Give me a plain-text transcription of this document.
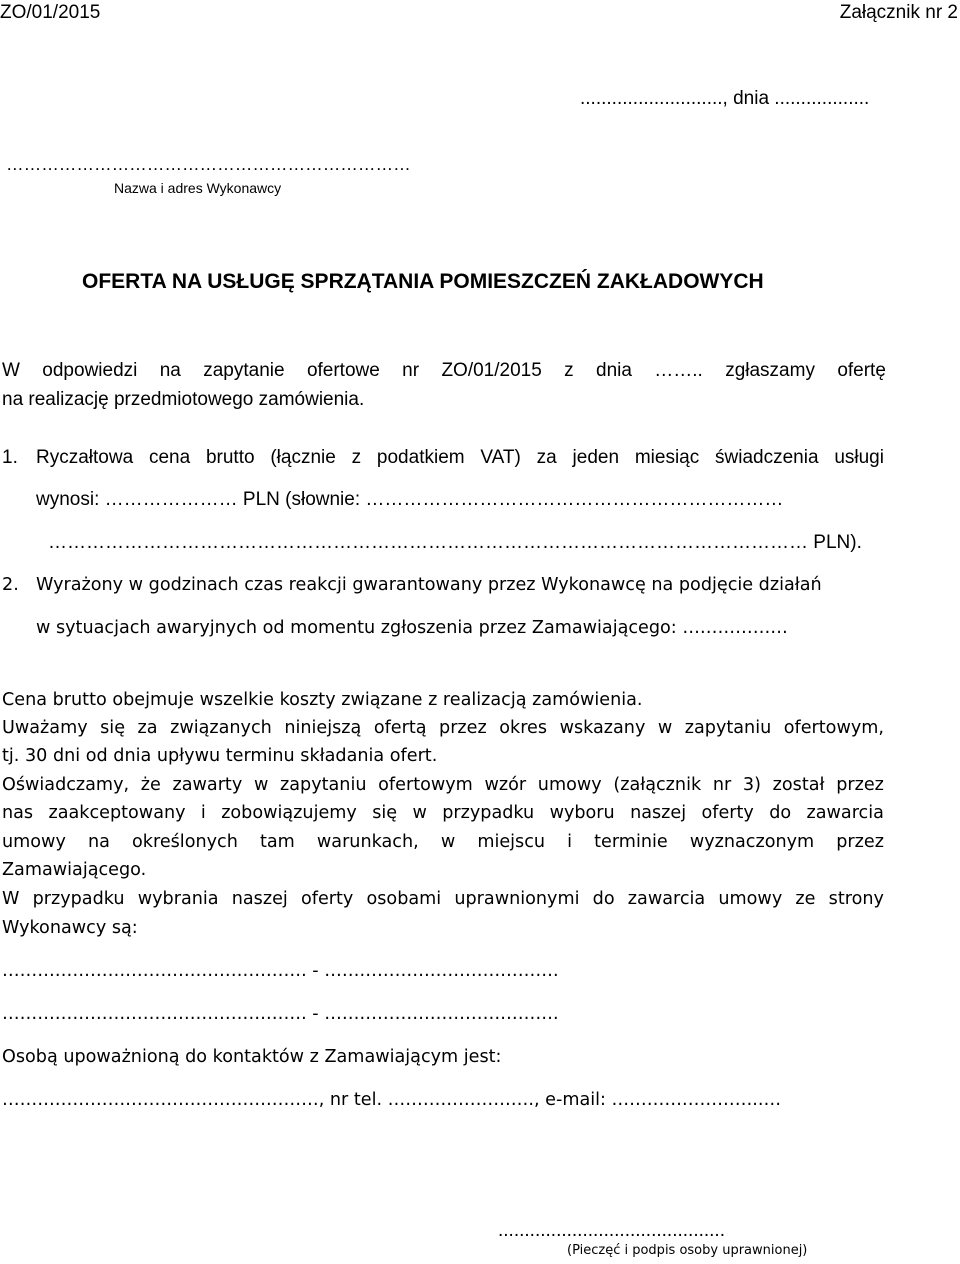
ZO/01/2015	Załącznik nr 2
..........................., dnia ..................
……………………………………………………………
Nazwa i adres Wykonawcy
OFERTA NA USŁUGĘ SPRZĄTANIA POMIESZCZEŃ ZAKŁADOWYCH
W odpowiedzi na zapytanie ofertowe nr ZO/01/2015 z dnia …….. zgłaszamy ofertę
na realizację przedmiotowego zamówienia.
1. Ryczałtowa cena brutto (łącznie z podatkiem VAT) za jeden miesiąc świadczenia usługi
wynosi: ………………… PLN (słownie: …………………………………………………………
………………………………………………………………………………………………………… PLN).
2. Wyrażony w godzinach czas reakcji gwarantowany przez Wykonawcę na podjęcie działań
w sytuacjach awaryjnych od momentu zgłoszenia przez Zamawiającego: ………………
Cena brutto obejmuje wszelkie koszty związane z realizacją zamówienia.
Uważamy się za związanych niniejszą ofertą przez okres wskazany w zapytaniu ofertowym,
tj. 30 dni od dnia upływu terminu składania ofert.
Oświadczamy, że zawarty w zapytaniu ofertowym wzór umowy (załącznik nr 3) został przez
nas zaakceptowany i zobowiązujemy się w przypadku wyboru naszej oferty do zawarcia
umowy na określonych tam warunkach, w miejscu i terminie wyznaczonym przez
Zamawiającego.
W przypadku wybrania naszej oferty osobami uprawnionymi do zawarcia umowy ze strony
Wykonawcy są:
……………………………………………. - ………………………………….
……………………………………………. - ………………………………….
Osobą upoważnioną do kontaktów z Zamawiającym jest:
………………………………………………, nr tel. ……………………., e-mail: ……………………..…
...........................................
(Pieczęć i podpis osoby uprawnionej)
